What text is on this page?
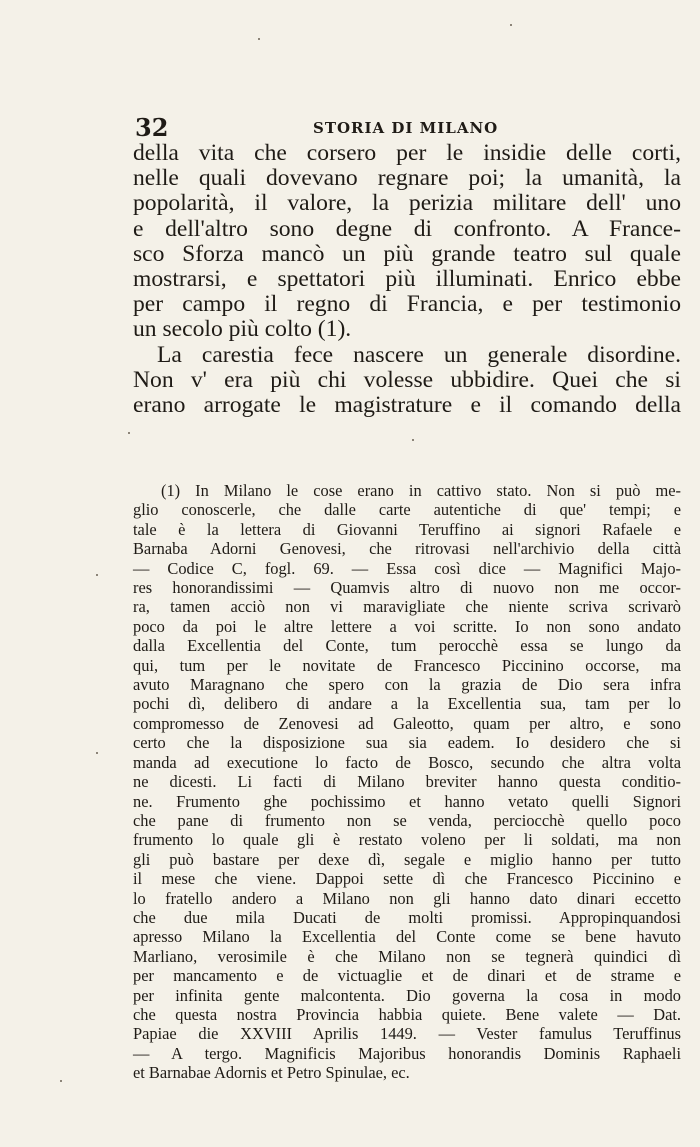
32	STORIA DI MILANO
della vita che corsero per le insidie delle corti,
nelle quali dovevano regnare poi; la umanità, la
popolarità, il valore, la perizia militare dell' uno
e dell'altro sono degne di confronto. A France-
sco Sforza mancò un più grande teatro sul quale
mostrarsi, e spettatori più illuminati. Enrico ebbe
per campo il regno di Francia, e per testimonio
un secolo più colto (1).
La carestia fece nascere un generale disordine.
Non v' era più chi volesse ubbidire. Quei che si
erano arrogate le magistrature e il comando della
(1) In Milano le cose erano in cattivo stato. Non si può me-
glio conoscerle, che dalle carte autentiche di que' tempi; e
tale è la lettera di Giovanni Teruffino ai signori Rafaele e
Barnaba Adorni Genovesi, che ritrovasi nell'archivio della città
— Codice C, fogl. 69. — Essa così dice — Magnifici Majo-
res honorandissimi — Quamvis altro di nuovo non me occor-
ra, tamen acciò non vi maravigliate che niente scriva scrivarò
poco da poi le altre lettere a voi scritte. Io non sono andato
dalla Excellentia del Conte, tum perocchè essa se lungo da
qui, tum per le novitate de Francesco Piccinino occorse, ma
avuto Maragnano che spero con la grazia de Dio sera infra
pochi dì, delibero di andare a la Excellentia sua, tam per lo
compromesso de Zenovesi ad Galeotto, quam per altro, e sono
certo che la disposizione sua sia eadem. Io desidero che si
manda ad executione lo facto de Bosco, secundo che altra volta
ne dicesti. Li facti di Milano breviter hanno questa conditio-
ne. Frumento ghe pochissimo et hanno vetato quelli Signori
che pane di frumento non se venda, perciocchè quello poco
frumento lo quale gli è restato voleno per li soldati, ma non
gli può bastare per dexe dì, segale e miglio hanno per tutto
il mese che viene. Dappoi sette dì che Francesco Piccinino e
lo fratello andero a Milano non gli hanno dato dinari eccetto
che due mila Ducati de molti promissi. Appropinquandosi
apresso Milano la Excellentia del Conte come se bene havuto
Marliano, verosimile è che Milano non se tegnerà quindici dì
per mancamento e de victuaglie et de dinari et de strame e
per infinita gente malcontenta. Dio governa la cosa in modo
che questa nostra Provincia habbia quiete. Bene valete — Dat.
Papiae die XXVIII Aprilis 1449. — Vester famulus Teruffinus
— A tergo. Magnificis Majoribus honorandis Dominis Raphaeli
et Barnabae Adornis et Petro Spinulae, ec.
